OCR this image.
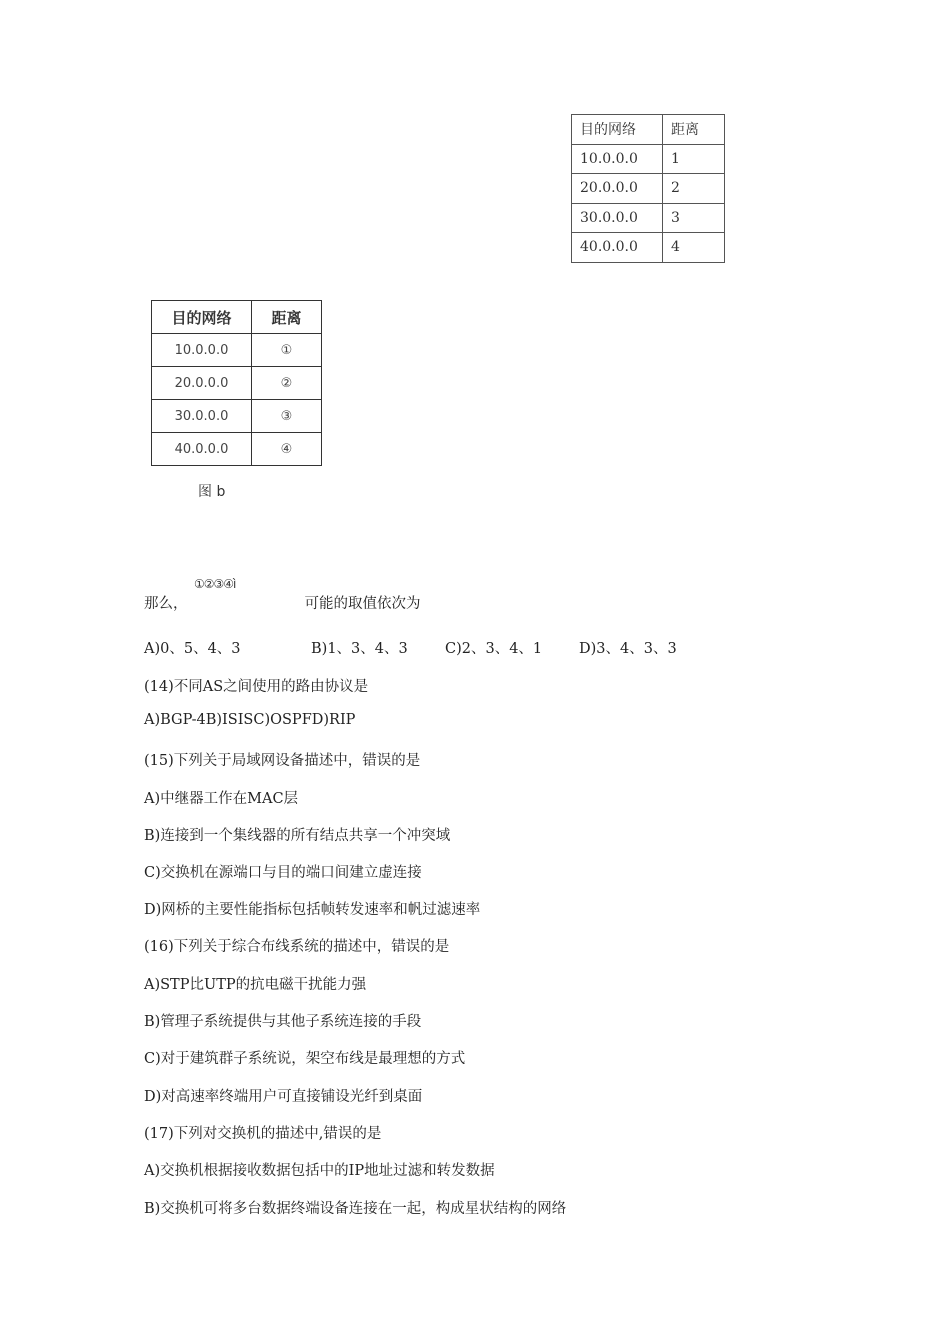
目的网络	距离
10.0.0.0	1
20.0.0.0	2
30.0.0.0	3
40.0.0.0	4
目的网络	距离
10.0.0.0	①
20.0.0.0	②
30.0.0.0	③
40.0.0.0	④
图 b
①②③④ì
那么，	可能的取值依次为
A)0、5、4、3	B)1、3、4、3	C)2、3、4、1	D)3、4、3、3
(14)不同AS之间使用的路由协议是
A)BGP-4B)ISISC)OSPFD)RIP
(15)下列关于局域网设备描述中，错误的是
A)中继器工作在MAC层
B)连接到一个集线器的所有结点共享一个冲突域
C)交换机在源端口与目的端口间建立虚连接
D)网桥的主要性能指标包括帧转发速率和帆过滤速率
(16)下列关于综合布线系统的描述中，错误的是
A)STP比UTP的抗电磁干扰能力强
B)管理子系统提供与其他子系统连接的手段
C)对于建筑群子系统说，架空布线是最理想的方式
D)对高速率终端用户可直接铺设光纤到桌面
(17)下列对交换机的描述中,错误的是
A)交换机根据接收数据包括中的IP地址过滤和转发数据
B)交换机可将多台数据终端设备连接在一起，构成星状结构的网络
